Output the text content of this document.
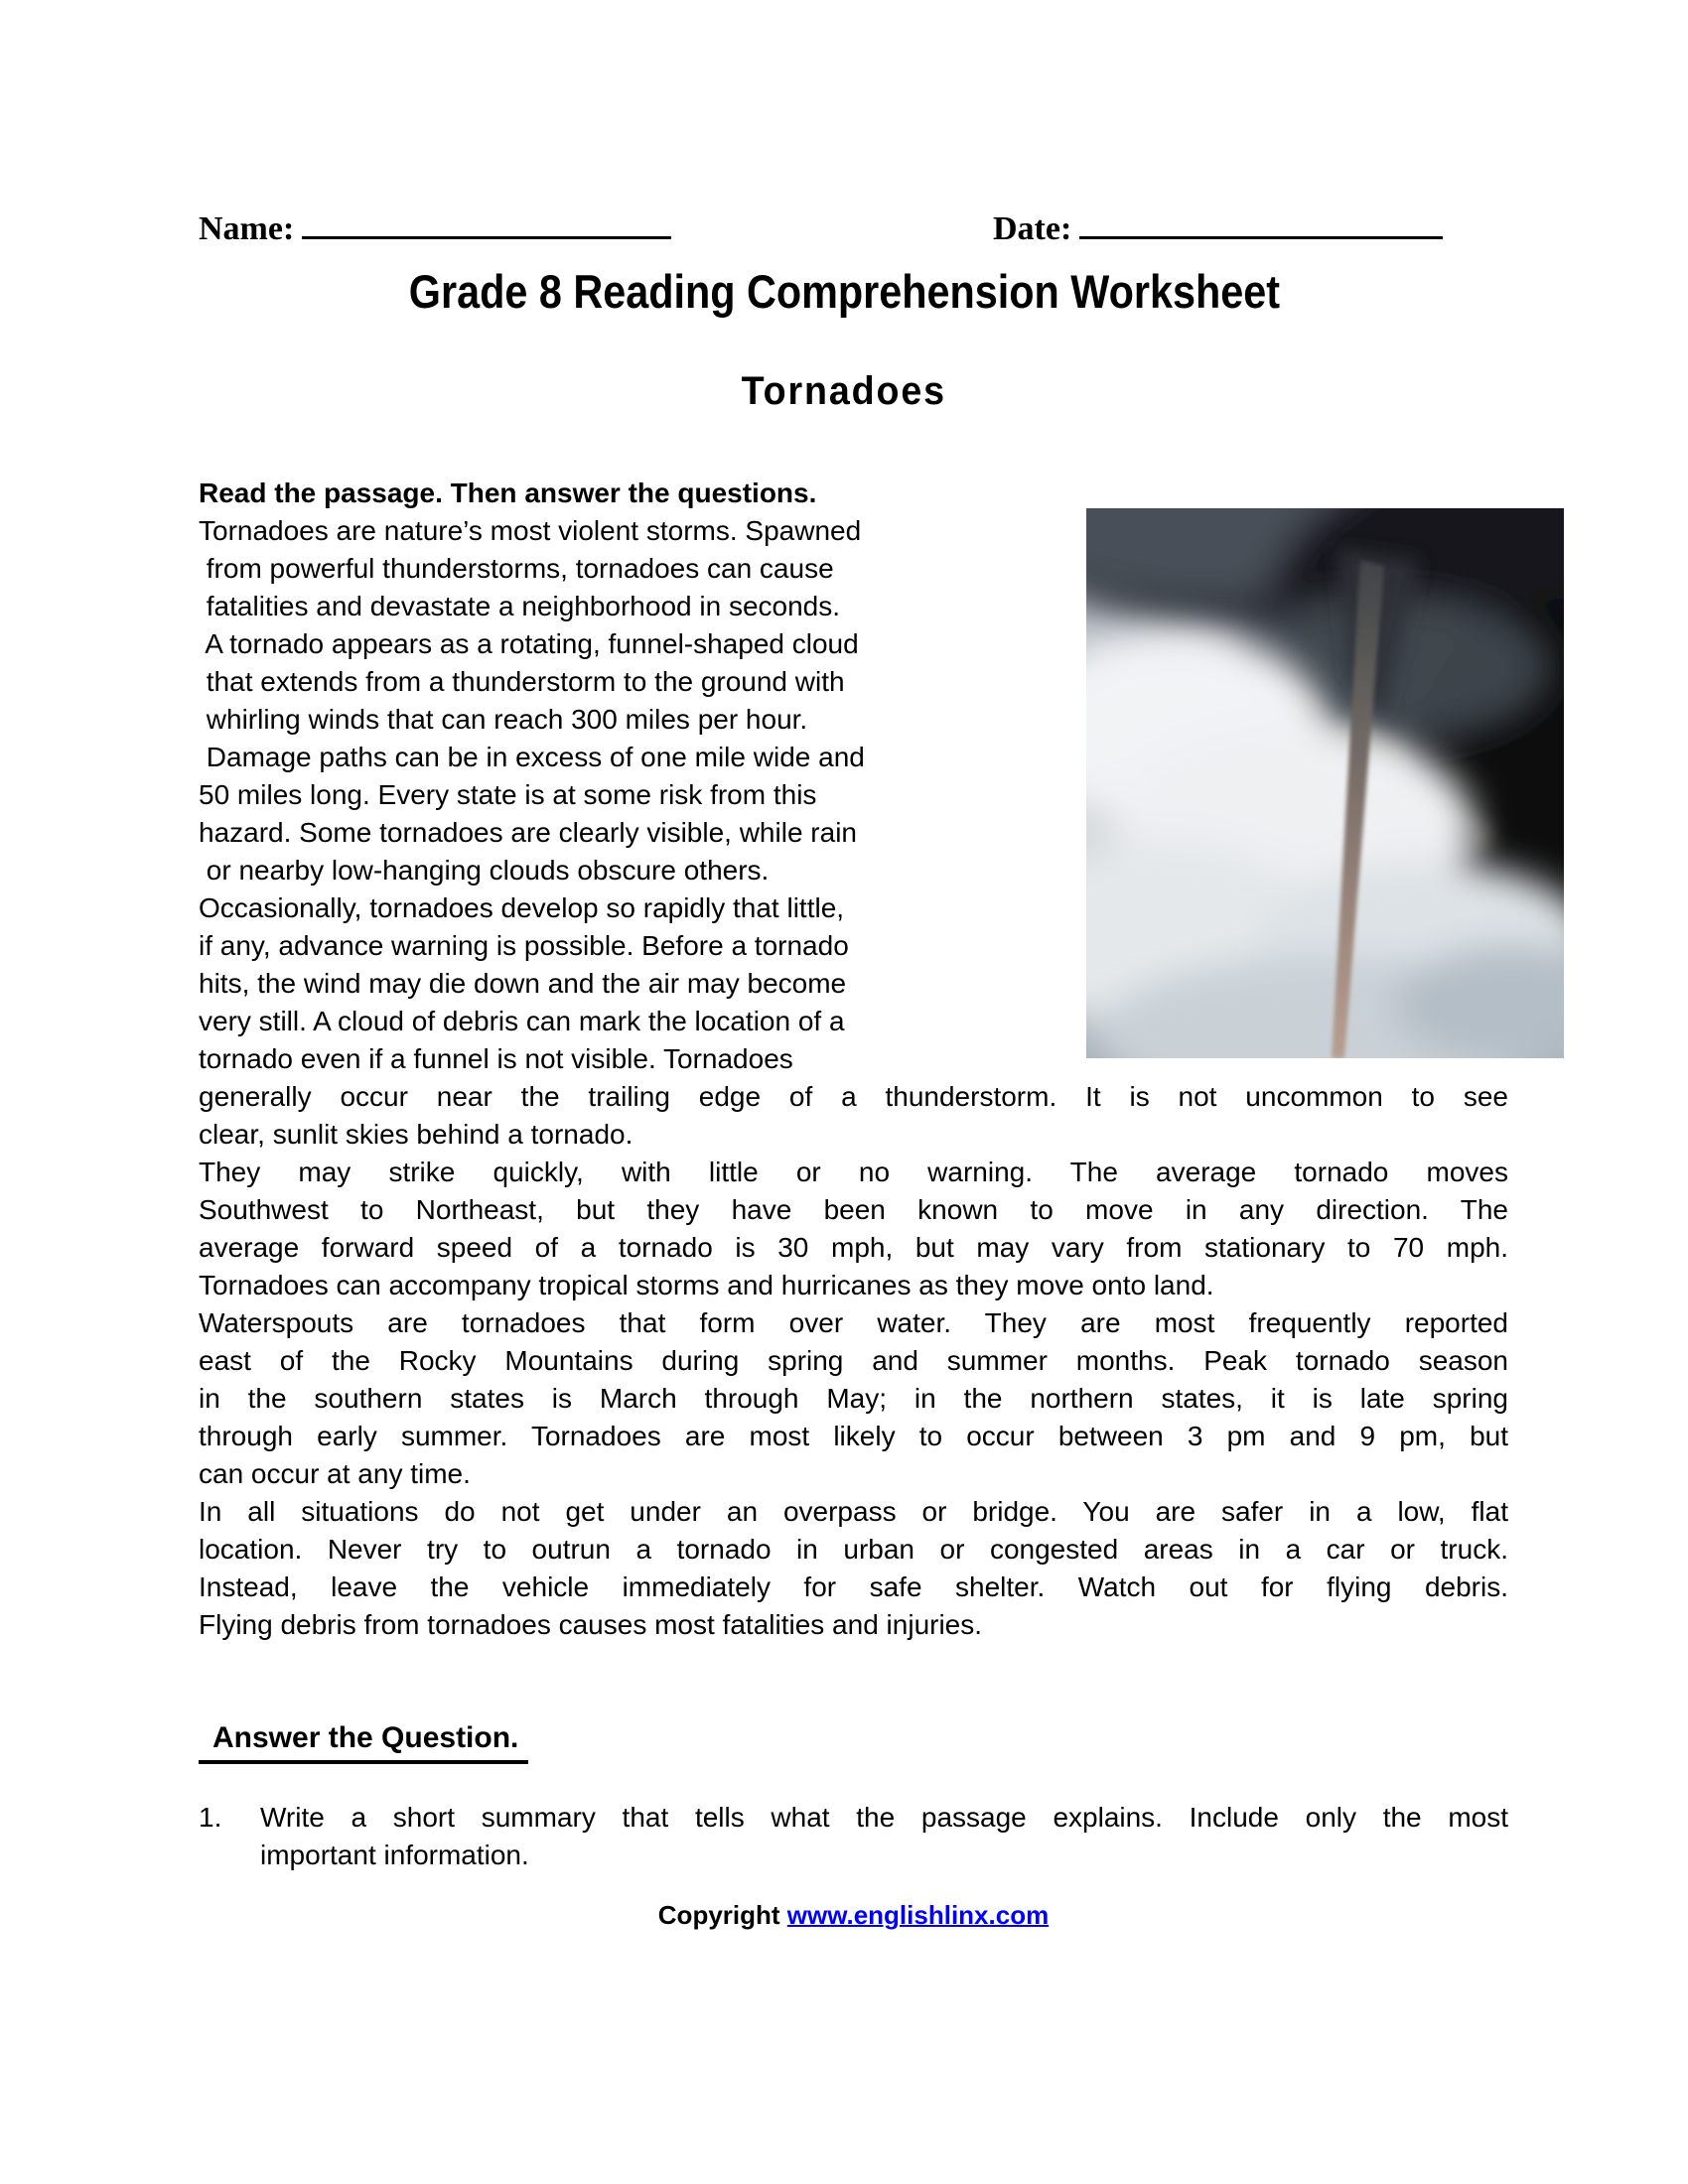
Name:	Date:
Grade 8 Reading Comprehension Worksheet
Tornadoes
Read the passage. Then answer the questions.
Tornadoes are nature’s most violent storms. Spawned
from powerful thunderstorms, tornadoes can cause
fatalities and devastate a neighborhood in seconds.
A tornado appears as a rotating, funnel-shaped cloud
that extends from a thunderstorm to the ground with
whirling winds that can reach 300 miles per hour.
Damage paths can be in excess of one mile wide and
50 miles long. Every state is at some risk from this
hazard. Some tornadoes are clearly visible, while rain
or nearby low-hanging clouds obscure others.
Occasionally, tornadoes develop so rapidly that little,
if any, advance warning is possible. Before a tornado
hits, the wind may die down and the air may become
very still. A cloud of debris can mark the location of a
tornado even if a funnel is not visible. Tornadoes
generally occur near the trailing edge of a thunderstorm. It is not uncommon to see
clear, sunlit skies behind a tornado.
They may strike quickly, with little or no warning. The average tornado moves
Southwest to Northeast, but they have been known to move in any direction. The
average forward speed of a tornado is 30 mph, but may vary from stationary to 70 mph.
Tornadoes can accompany tropical storms and hurricanes as they move onto land.
Waterspouts are tornadoes that form over water. They are most frequently reported
east of the Rocky Mountains during spring and summer months. Peak tornado season
in the southern states is March through May; in the northern states, it is late spring
through early summer. Tornadoes are most likely to occur between 3 pm and 9 pm, but
can occur at any time.
In all situations do not get under an overpass or bridge. You are safer in a low, flat
location. Never try to outrun a tornado in urban or congested areas in a car or truck.
Instead, leave the vehicle immediately for safe shelter. Watch out for flying debris.
Flying debris from tornadoes causes most fatalities and injuries.
Answer the Question.
1.	Write a short summary that tells what the passage explains. Include only the most
important information.
Copyright www.englishlinx.com
